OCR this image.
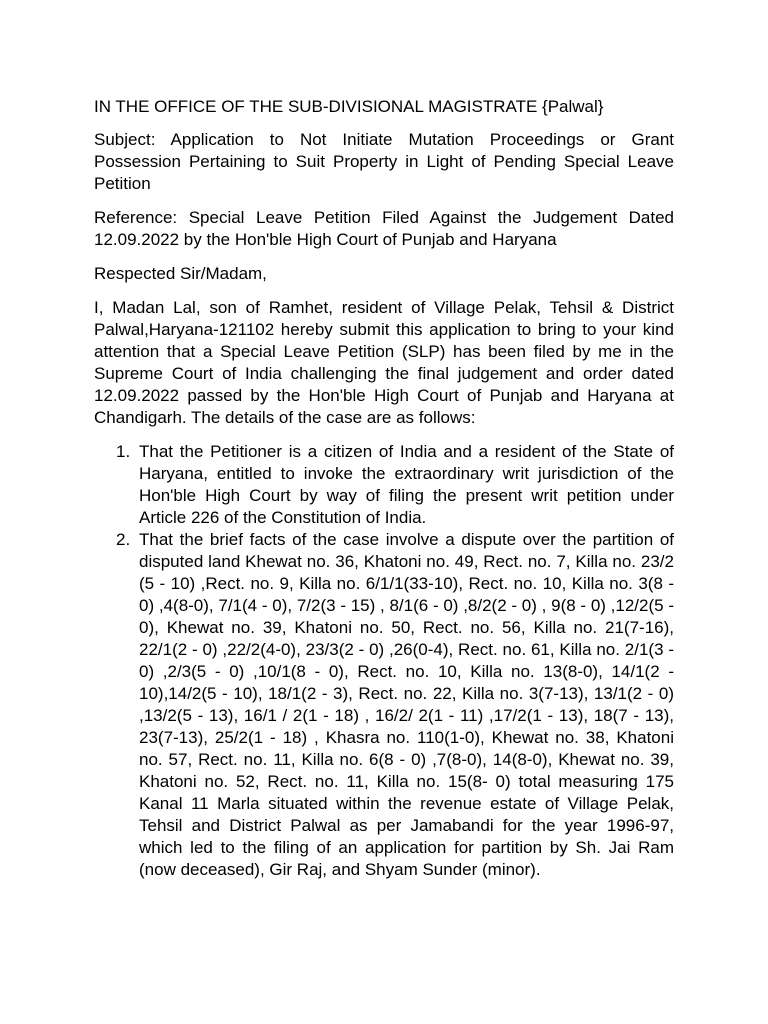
IN THE OFFICE OF THE SUB-DIVISIONAL MAGISTRATE {Palwal}

Subject: Application to Not Initiate Mutation Proceedings or Grant Possession Pertaining to Suit Property in Light of Pending Special Leave Petition

Reference: Special Leave Petition Filed Against the Judgement Dated 12.09.2022 by the Hon'ble High Court of Punjab and Haryana

Respected Sir/Madam,

I, Madan Lal, son of Ramhet, resident of Village Pelak, Tehsil & District Palwal,Haryana-121102 hereby submit this application to bring to your kind attention that a Special Leave Petition (SLP) has been filed by me in the Supreme Court of India challenging the final judgement and order dated 12.09.2022 passed by the Hon'ble High Court of Punjab and Haryana at Chandigarh. The details of the case are as follows:

1. That the Petitioner is a citizen of India and a resident of the State of Haryana, entitled to invoke the extraordinary writ jurisdiction of the Hon'ble High Court by way of filing the present writ petition under Article 226 of the Constitution of India.
2. That the brief facts of the case involve a dispute over the partition of disputed land Khewat no. 36, Khatoni no. 49, Rect. no. 7, Killa no. 23/2 (5 - 10) ,Rect. no. 9, Killa no. 6/1/1(33-10), Rect. no. 10, Killa no. 3(8 - 0) ,4(8-0), 7/1(4 - 0), 7/2(3 - 15) , 8/1(6 - 0) ,8/2(2 - 0) , 9(8 - 0) ,12/2(5 - 0), Khewat no. 39, Khatoni no. 50, Rect. no. 56, Killa no. 21(7-16), 22/1(2 - 0) ,22/2(4-0), 23/3(2 - 0) ,26(0-4), Rect. no. 61, Killa no. 2/1(3 - 0) ,2/3(5 - 0) ,10/1(8 - 0), Rect. no. 10, Killa no. 13(8-0), 14/1(2 - 10),14/2(5 - 10), 18/1(2 - 3), Rect. no. 22, Killa no. 3(7-13), 13/1(2 - 0) ,13/2(5 - 13), 16/1 / 2(1 - 18) , 16/2/ 2(1 - 11) ,17/2(1 - 13), 18(7 - 13), 23(7-13), 25/2(1 - 18) , Khasra no. 110(1-0), Khewat no. 38, Khatoni no. 57, Rect. no. 11, Killa no. 6(8 - 0) ,7(8-0), 14(8-0), Khewat no. 39, Khatoni no. 52, Rect. no. 11, Killa no. 15(8- 0) total measuring 175 Kanal 11 Marla situated within the revenue estate of Village Pelak, Tehsil and District Palwal as per Jamabandi for the year 1996-97, which led to the filing of an application for partition by Sh. Jai Ram (now deceased), Gir Raj, and Shyam Sunder (minor).
